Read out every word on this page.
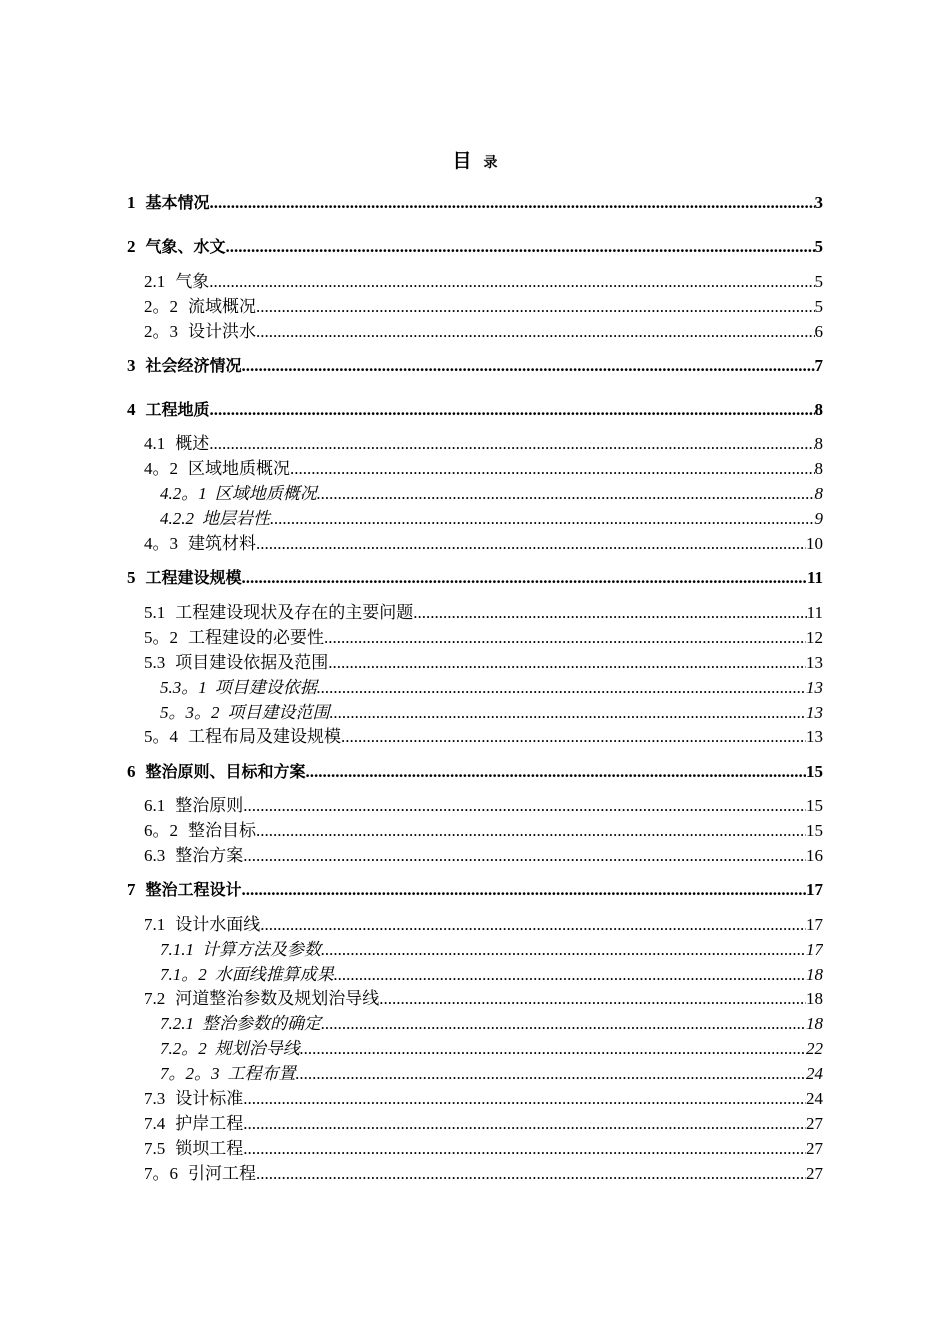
目 录
1 基本情况 .....	3
2 气象、水文 .....	5
2.1 气象 .....	5
2。2 流域概况 .....	5
2。3 设计洪水 .....	6
3 社会经济情况 .....	7
4 工程地质 .....	8
4.1 概述 .....	8
4。2 区域地质概况 .....	8
4.2。1 区域地质概况 .....	8
4.2.2 地层岩性 .....	9
4。3 建筑材料 .....	10
5 工程建设规模 .....	11
5.1 工程建设现状及存在的主要问题 .....	11
5。2 工程建设的必要性 .....	12
5.3 项目建设依据及范围 .....	13
5.3。1 项目建设依据 .....	13
5。3。2 项目建设范围 .....	13
5。4 工程布局及建设规模 .....	13
6 整治原则、目标和方案 .....	15
6.1 整治原则 .....	15
6。2 整治目标 .....	15
6.3 整治方案 .....	16
7 整治工程设计 .....	17
7.1 设计水面线 .....	17
7.1.1 计算方法及参数 .....	17
7.1。2 水面线推算成果 .....	18
7.2 河道整治参数及规划治导线 .....	18
7.2.1 整治参数的确定 .....	18
7.2。2 规划治导线 .....	22
7。2。3 工程布置 .....	24
7.3 设计标准 .....	24
7.4 护岸工程 .....	27
7.5 锁坝工程 .....	27
7。6 引河工程 .....	27
